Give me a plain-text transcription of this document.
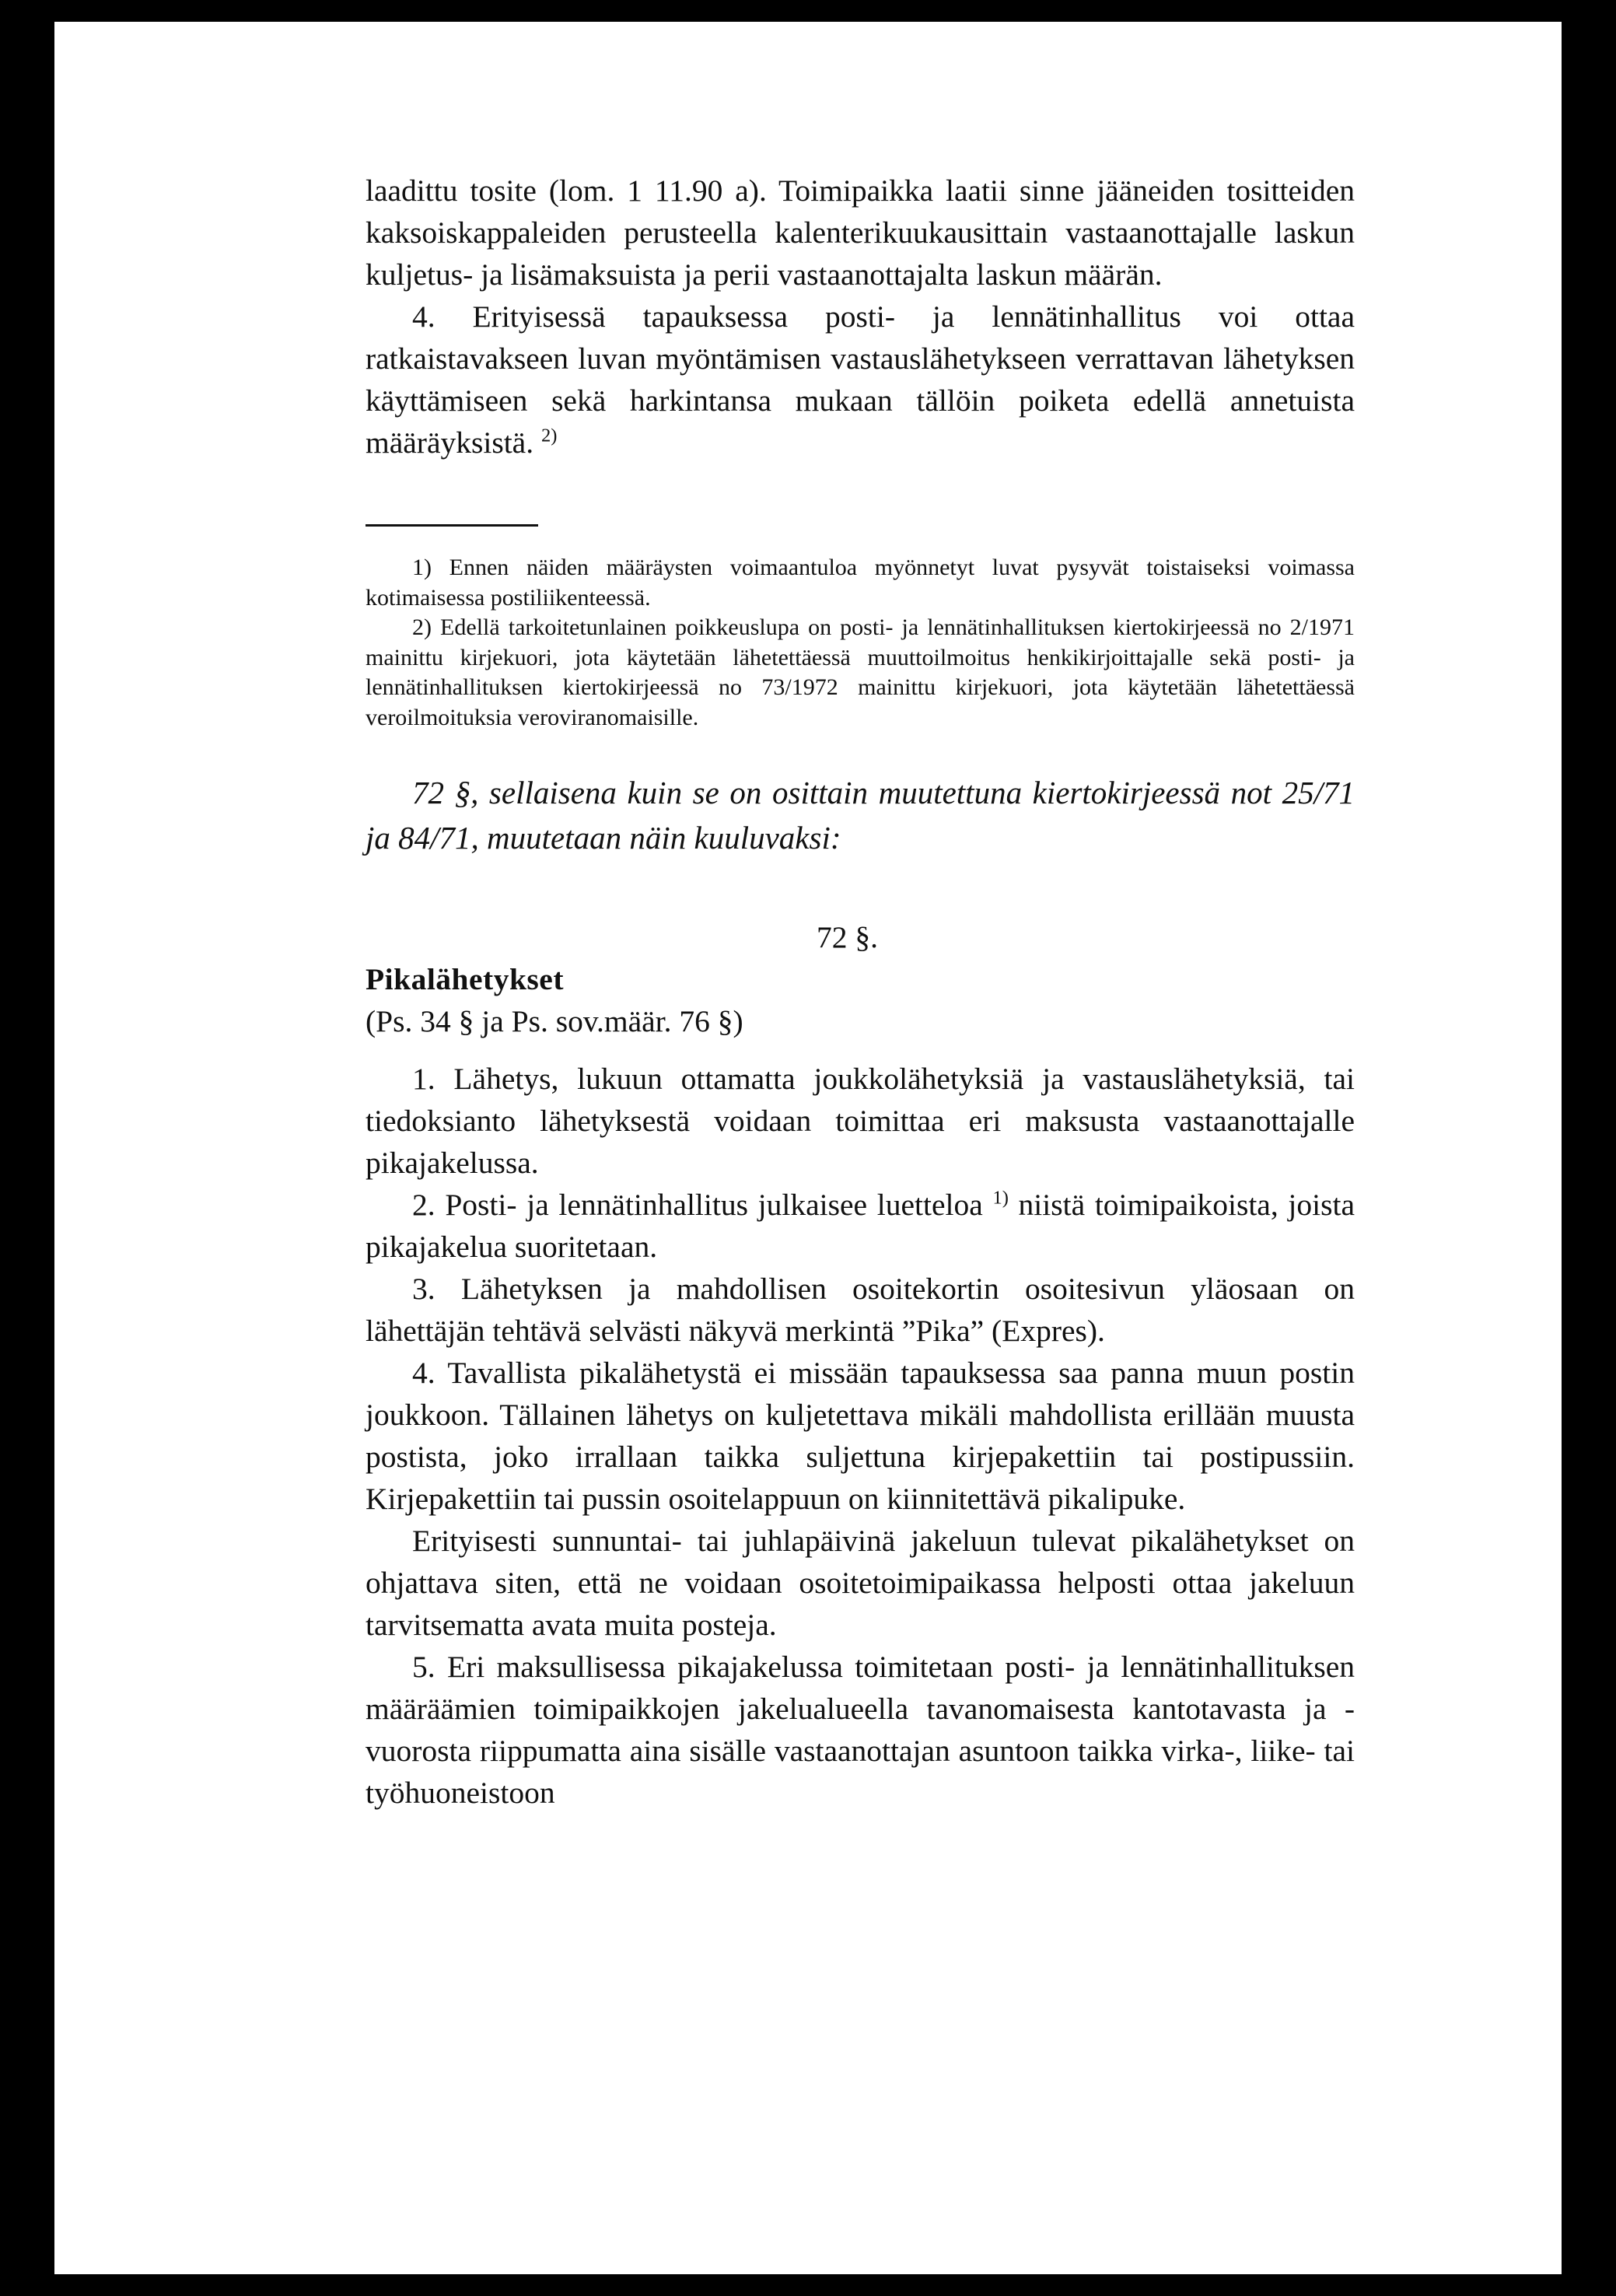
laadittu tosite (lom. 1 11.90 a). Toimipaikka laatii sinne jääneiden tositteiden kaksoiskappaleiden perusteella kalenterikuukausittain vastaanottajalle laskun kuljetus- ja lisämaksuista ja perii vastaanottajalta laskun määrän.

4. Erityisessä tapauksessa posti- ja lennätinhallitus voi ottaa ratkaistavakseen luvan myöntämisen vastauslähetykseen verrattavan lähetyksen käyttämiseen sekä harkintansa mukaan tällöin poiketa edellä annetuista määräyksistä. $^{2)}$

1) Ennen näiden määräysten voimaantuloa myönnetyt luvat pysyvät toistaiseksi voimassa kotimaisessa postiliikenteessä.

2) Edellä tarkoitetunlainen poikkeuslupa on posti- ja lennätinhallituksen kiertokirjeessä no 2/1971 mainittu kirjekuori, jota käytetään lähetettäessä muuttoilmoitus henkikirjoittajalle sekä posti- ja lennätinhallituksen kiertokirjeessä no 73/1972 mainittu kirjekuori, jota käytetään lähetettäessä veroilmoituksia veroviranomaisille.

72 §, sellaisena kuin se on osittain muutettuna kiertokirjeessä not 25/71 ja 84/71, muutetaan näin kuuluvaksi:

72 §.

Pikalähetykset

(Ps. 34 § ja Ps. sov.määr. 76 §)

1. Lähetys, lukuun ottamatta joukkolähetyksiä ja vastauslähetyksiä, tai tiedoksianto lähetyksestä voidaan toimittaa eri maksusta vastaanottajalle pikajakelussa.

2. Posti- ja lennätinhallitus julkaisee luetteloa $^{1)}$ niistä toimipaikoista, joista pikajakelua suoritetaan.

3. Lähetyksen ja mahdollisen osoitekortin osoitesivun yläosaan on lähettäjän tehtävä selvästi näkyvä merkintä ”Pika” (Expres).

4. Tavallista pikalähetystä ei missään tapauksessa saa panna muun postin joukkoon. Tällainen lähetys on kuljetettava mikäli mahdollista erillään muusta postista, joko irrallaan taikka suljettuna kirjepakettiin tai postipussiin. Kirjepakettiin tai pussin osoitelappuun on kiinnitettävä pikalipuke.

Erityisesti sunnuntai- tai juhlapäivinä jakeluun tulevat pikalähetykset on ohjattava siten, että ne voidaan osoitetoimipaikassa helposti ottaa jakeluun tarvitsematta avata muita posteja.

5. Eri maksullisessa pikajakelussa toimitetaan posti- ja lennätinhallituksen määräämien toimipaikkojen jakelualueella tavanomaisesta kantotavasta ja -vuorosta riippumatta aina sisälle vastaanottajan asuntoon taikka virka-, liike- tai työhuoneistoon
